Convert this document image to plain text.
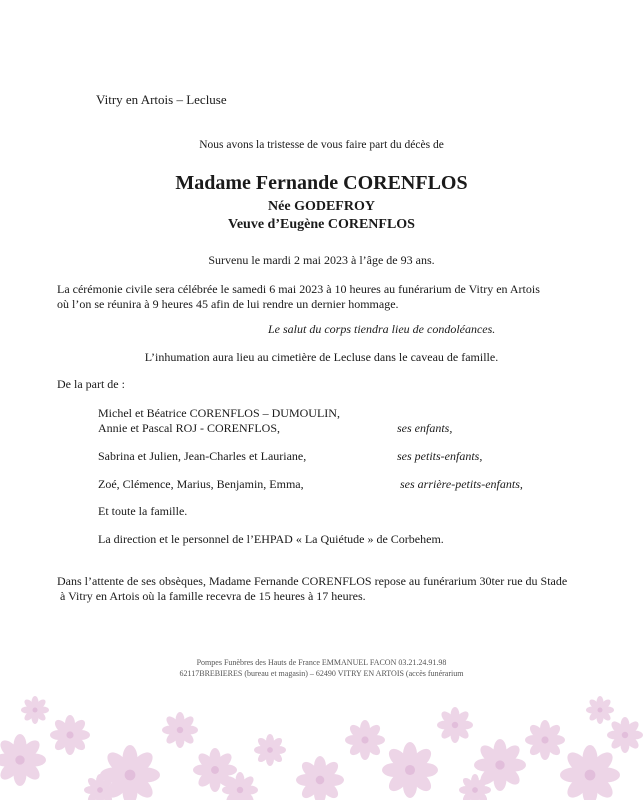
Vitry en Artois – Lecluse
Nous avons la tristesse de vous faire part du décès de
Madame Fernande CORENFLOS
Née GODEFROY
Veuve d’Eugène CORENFLOS
Survenu le mardi 2 mai 2023 à l’âge de 93 ans.
La cérémonie civile sera célébrée le samedi 6 mai 2023 à 10 heures au funérarium de Vitry en Artois
où l’on se réunira à 9 heures 45 afin de lui rendre un dernier hommage.
Le salut du corps tiendra lieu de condoléances.
L’inhumation aura lieu au cimetière de Lecluse dans le caveau de famille.
De la part de :
Michel et Béatrice CORENFLOS – DUMOULIN,
Annie et Pascal ROJ - CORENFLOS,	ses enfants,
Sabrina et Julien, Jean-Charles et Lauriane,	ses petits-enfants,
Zoé, Clémence, Marius, Benjamin, Emma,	ses arrière-petits-enfants,
Et toute la famille.
La direction et le personnel de l’EHPAD « La Quiétude » de Corbehem.
Dans l’attente de ses obsèques, Madame Fernande CORENFLOS repose au funérarium 30ter rue du Stade
à Vitry en Artois où la famille recevra de 15 heures à 17 heures.
Pompes Funèbres des Hauts de France EMMANUEL FACON 03.21.24.91.98
62117BREBIERES (bureau et magasin) – 62490 VITRY EN ARTOIS (accès funérarium
